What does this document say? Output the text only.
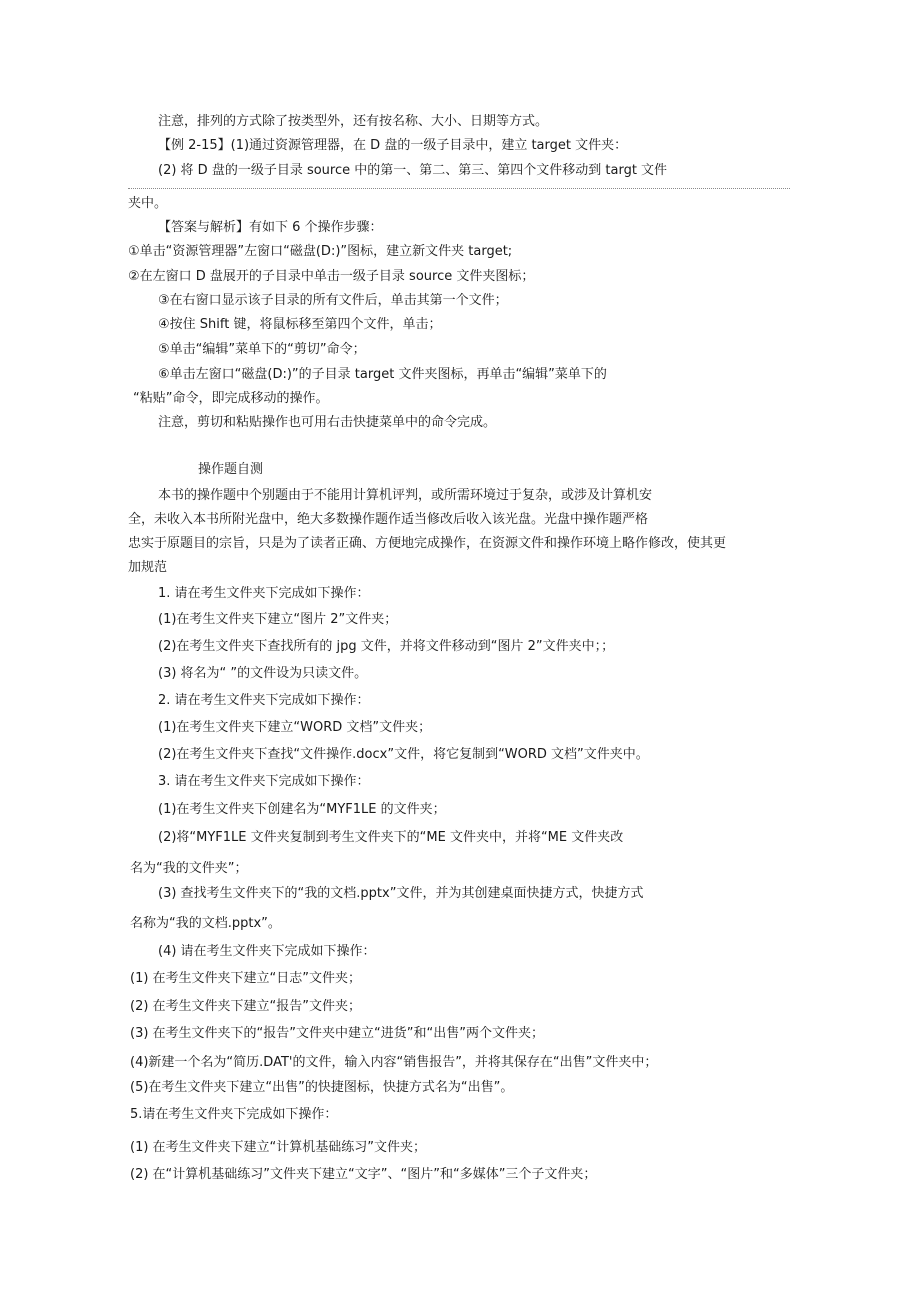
注意，排列的方式除了按类型外，还有按名称、大小、日期等方式。
【例 2-15】(1)通过资源管理器，在 D 盘的一级子目录中，建立 target 文件夹：
(2) 将 D 盘的一级子目录 source 中的第一、第二、第三、第四个文件移动到 targt 文件
夹中。
【答案与解析】有如下 6 个操作步骤：
①单击“资源管理器”左窗口“磁盘(D:)”图标，建立新文件夹 target;
②在左窗口 D 盘展开的子目录中单击一级子目录 source 文件夹图标；
③在右窗口显示该子目录的所有文件后，单击其第一个文件；
④按住 Shift 键，将鼠标移至第四个文件，单击；
⑤单击“编辑”菜单下的“剪切”命令；
⑥单击左窗口“磁盘(D:)”的子目录 target 文件夹图标，再单击“编辑”菜单下的
“粘贴”命令，即完成移动的操作。
注意，剪切和粘贴操作也可用右击快捷菜单中的命令完成。
操作题自测
本书的操作题中个别题由于不能用计算机评判，或所需环境过于复杂，或涉及计算机安
全，未收入本书所附光盘中，绝大多数操作题作适当修改后收入该光盘。光盘中操作题严格
忠实于原题目的宗旨，只是为了读者正确、方便地完成操作，在资源文件和操作环境上略作修改，使其更
加规范
1. 请在考生文件夹下完成如下操作：
(1)在考生文件夹下建立“图片 2”文件夹；
(2)在考生文件夹下查找所有的 jpg 文件，并将文件移动到“图片 2”文件夹中；；
(3) 将名为“ ”的文件设为只读文件。
2. 请在考生文件夹下完成如下操作：
(1)在考生文件夹下建立“WORD 文档”文件夹；
(2)在考生文件夹下查找“文件操作.docx”文件，将它复制到“WORD 文档”文件夹中。
3. 请在考生文件夹下完成如下操作：
(1)在考生文件夹下创建名为“MYF1LE 的文件夹；
(2)将“MYF1LE 文件夹复制到考生文件夹下的“ME 文件夹中，并将“ME 文件夹改
名为“我的文件夹”；
(3) 查找考生文件夹下的“我的文档.pptx”文件，并为其创建桌面快捷方式，快捷方式
名称为“我的文档.pptx”。
(4) 请在考生文件夹下完成如下操作：
(1) 在考生文件夹下建立“日志”文件夹；
(2) 在考生文件夹下建立“报告”文件夹；
(3) 在考生文件夹下的“报告”文件夹中建立“进货”和“出售”两个文件夹；
(4)新建一个名为“简历.DAT'的文件，输入内容“销售报告”，并将其保存在“出售”文件夹中；
(5)在考生文件夹下建立“出售”的快捷图标，快捷方式名为“出售”。
5.请在考生文件夹下完成如下操作：
(1) 在考生文件夹下建立“计算机基础练习”文件夹；
(2) 在“计算机基础练习”文件夹下建立“文字”、“图片”和“多媒体”三个子文件夹；
